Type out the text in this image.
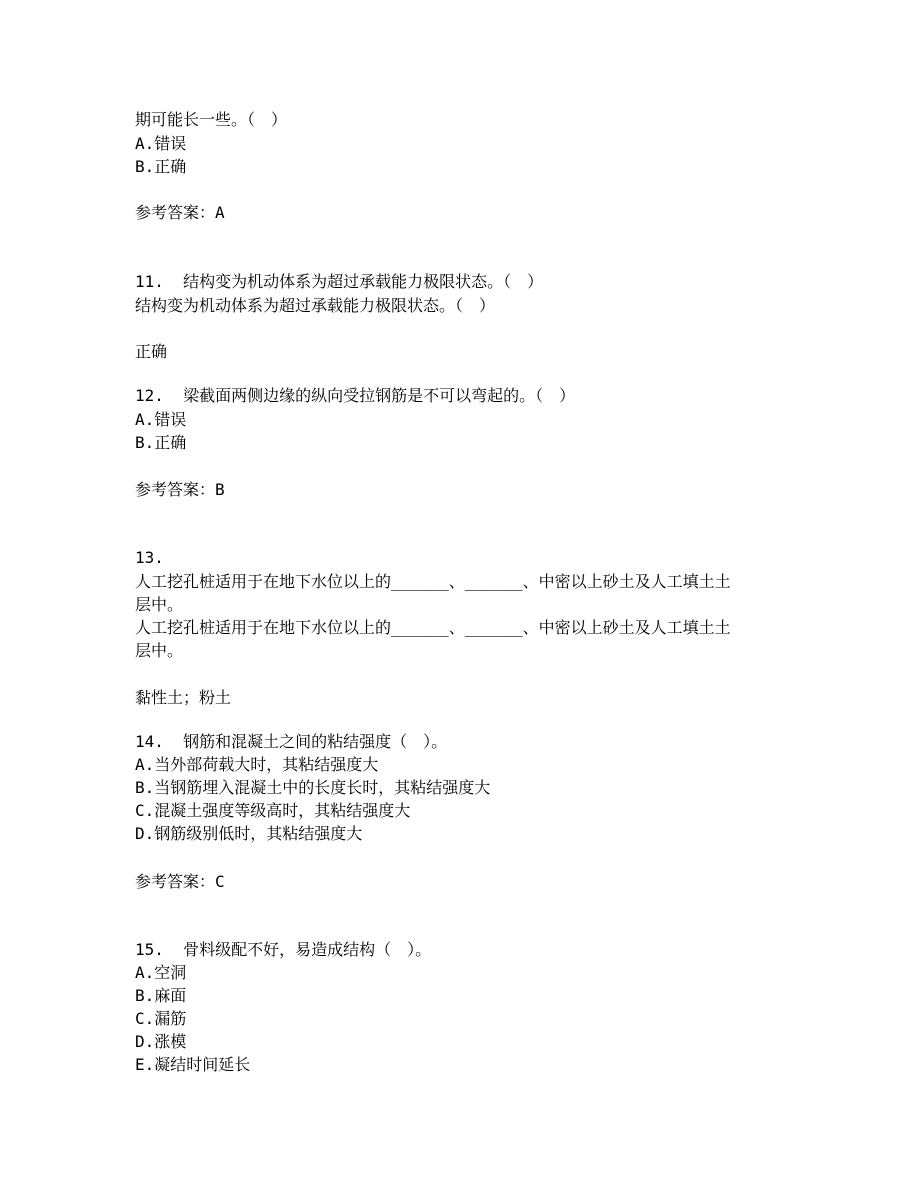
期可能长一些。（　）

A.错误

B.正确

参考答案：A

11.  结构变为机动体系为超过承载能力极限状态。（　）

结构变为机动体系为超过承载能力极限状态。（　）

正确

12.  梁截面两侧边缘的纵向受拉钢筋是不可以弯起的。（　）

A.错误

B.正确

参考答案：B

13.

人工挖孔桩适用于在地下水位以上的______、______、中密以上砂土及人工填土土

层中。

人工挖孔桩适用于在地下水位以上的______、______、中密以上砂土及人工填土土

层中。

黏性土；粉土

14.  钢筋和混凝土之间的粘结强度（　）。

A.当外部荷载大时，其粘结强度大

B.当钢筋埋入混凝土中的长度长时，其粘结强度大

C.混凝土强度等级高时，其粘结强度大

D.钢筋级别低时，其粘结强度大

参考答案：C

15.  骨料级配不好，易造成结构（　）。

A.空洞

B.麻面

C.漏筋

D.涨模

E.凝结时间延长
